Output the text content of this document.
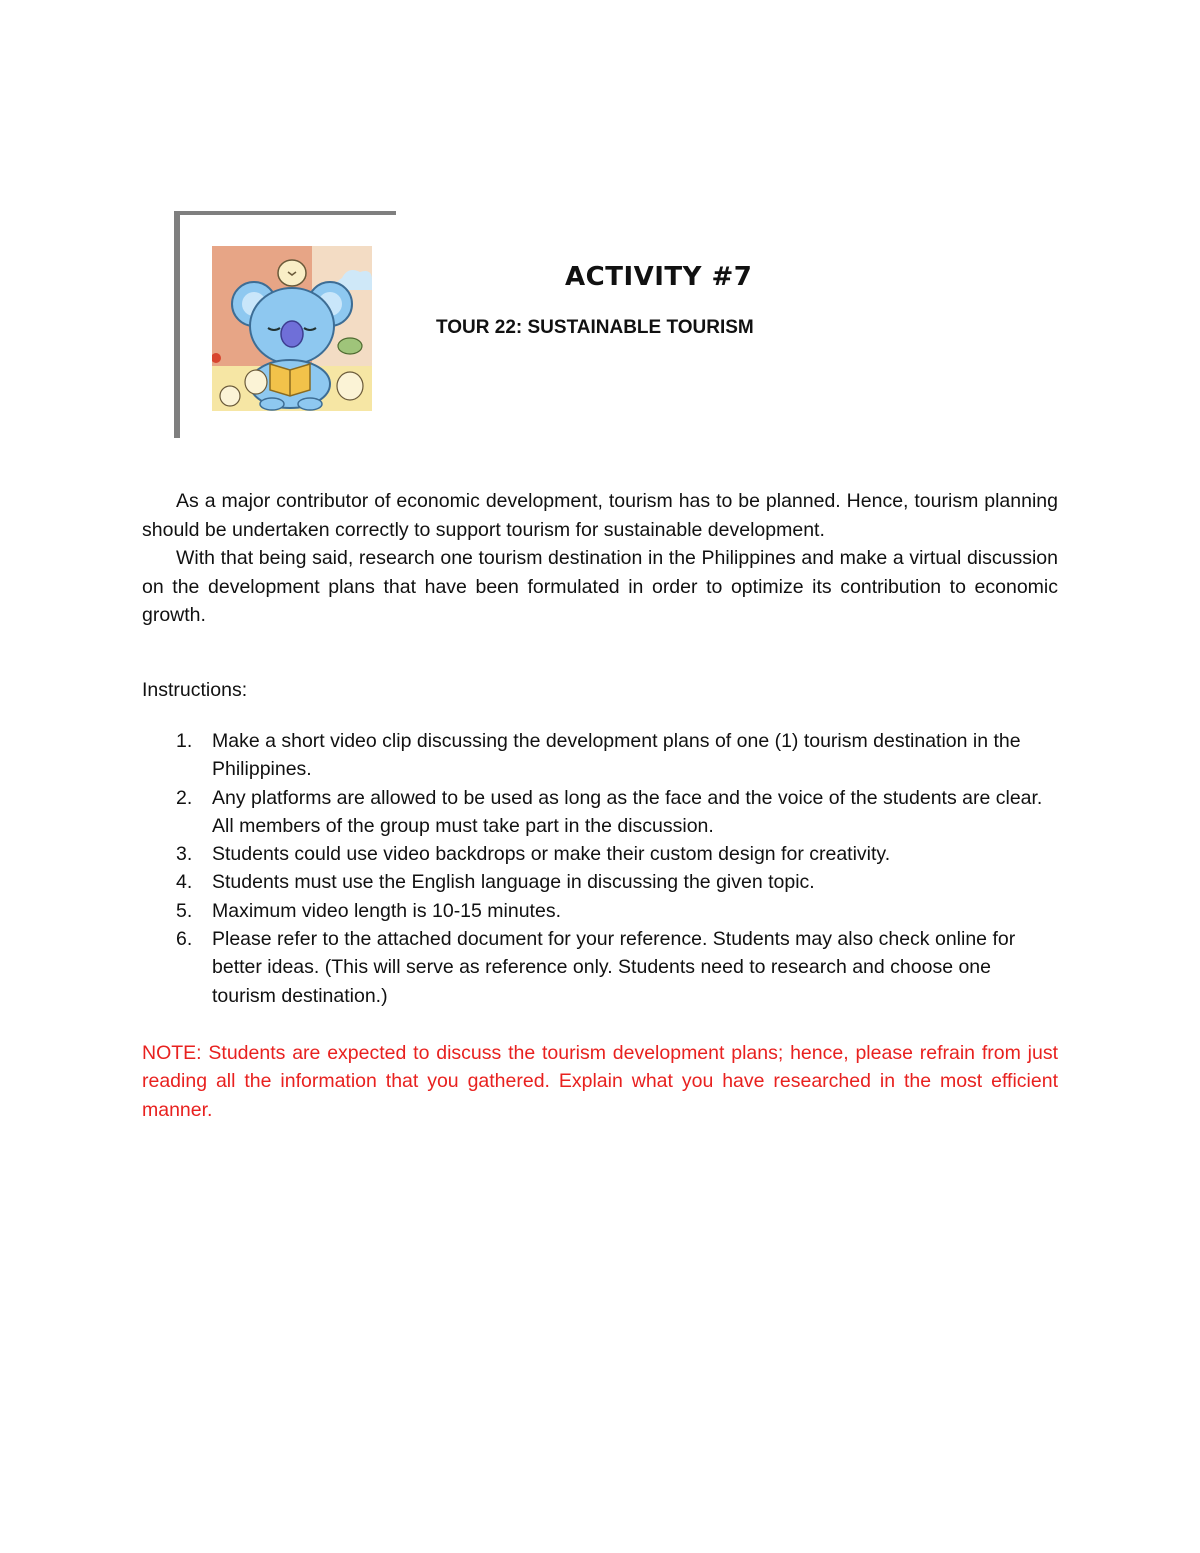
ACTIVITY #7
TOUR 22: SUSTAINABLE TOURISM

As a major contributor of economic development, tourism has to be planned. Hence, tourism planning should be undertaken correctly to support tourism for sustainable development.

With that being said, research one tourism destination in the Philippines and make a virtual discussion on the development plans that have been formulated in order to optimize its contribution to economic growth.

Instructions:

1. Make a short video clip discussing the development plans of one (1) tourism destination in the Philippines.
2. Any platforms are allowed to be used as long as the face and the voice of the students are clear. All members of the group must take part in the discussion.
3. Students could use video backdrops or make their custom design for creativity.
4. Students must use the English language in discussing the given topic.
5. Maximum video length is 10-15 minutes.
6. Please refer to the attached document for your reference. Students may also check online for better ideas. (This will serve as reference only. Students need to research and choose one tourism destination.)

NOTE: Students are expected to discuss the tourism development plans; hence, please refrain from just reading all the information that you gathered. Explain what you have researched in the most efficient manner.
